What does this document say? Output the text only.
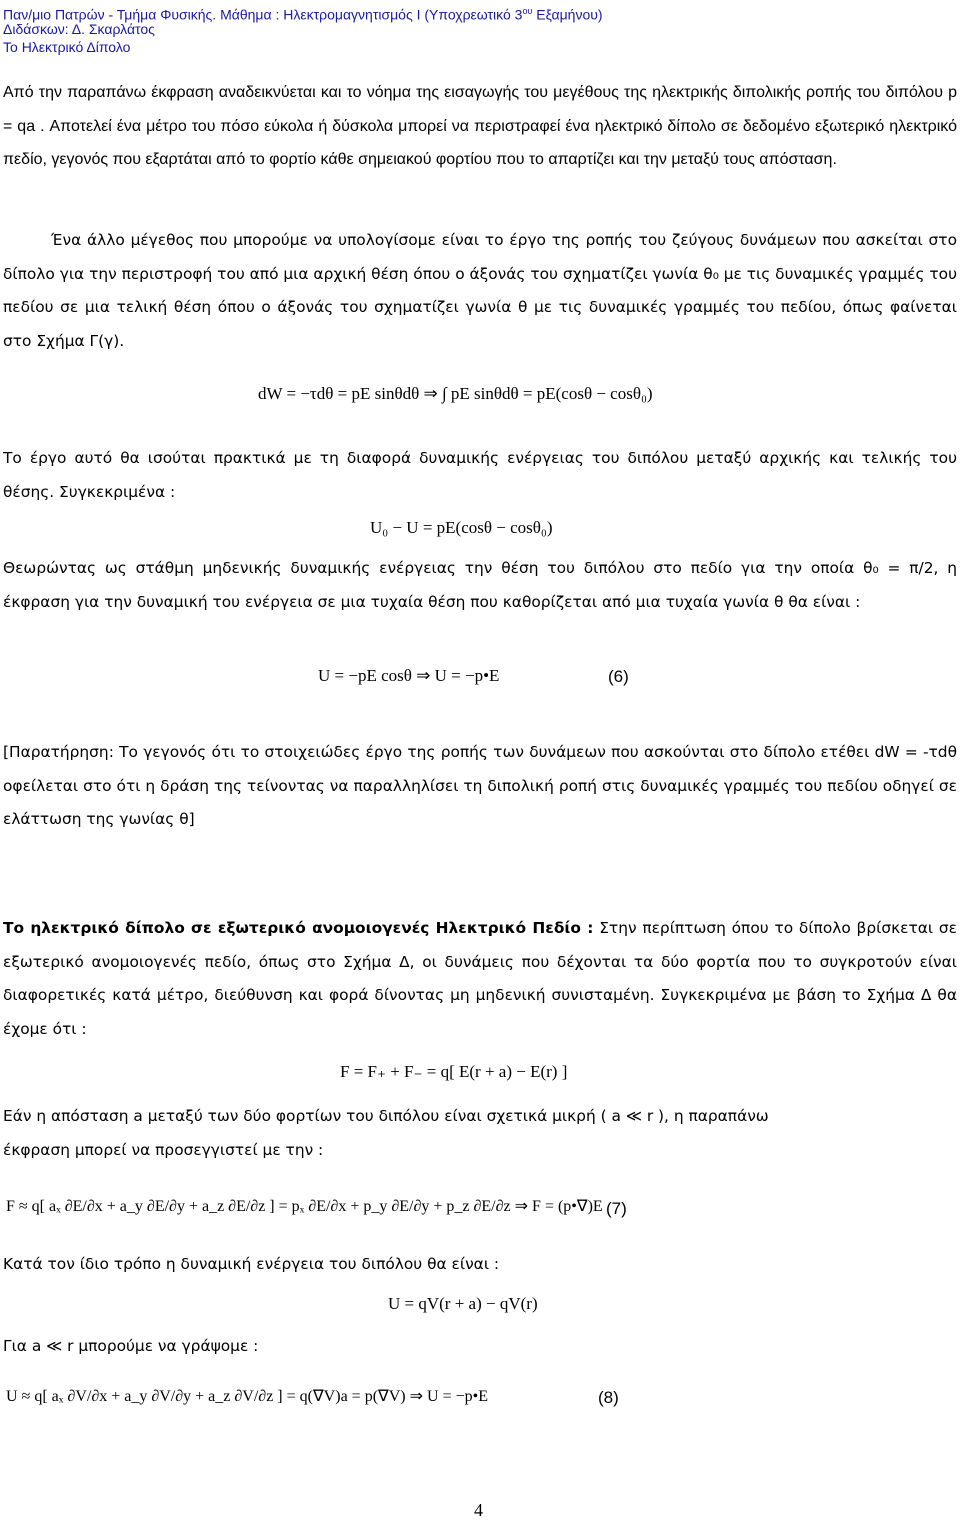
Παν/μιο Πατρών - Τμήμα Φυσικής. Μάθημα : Ηλεκτρομαγνητισμός Ι (Υποχρεωτικό $3^{o\upsilon}$ Εξαμήνου)
Διδάσκων: Δ. Σκαρλάτος
Το Ηλεκτρικό Δίπολο
Από την παραπάνω έκφραση αναδεικνύεται και το νόημα της εισαγωγής του μεγέθους της ηλεκτρικής διπολικής ροπής του διπόλου p = qa . Αποτελεί ένα μέτρο του πόσο εύκολα ή δύσκολα μπορεί να περιστραφεί ένα ηλεκτρικό δίπολο σε δεδομένο εξωτερικό ηλεκτρικό πεδίο, γεγονός που εξαρτάται από το φορτίο κάθε σημειακού φορτίου που το απαρτίζει και την μεταξύ τους απόσταση.
Ένα άλλο μέγεθος που μπορούμε να υπολογίσομε είναι το έργο της ροπής του ζεύγους δυνάμεων που ασκείται στο δίπολο για την περιστροφή του από μια αρχική θέση όπου ο άξονάς του σχηματίζει γωνία θ₀ με τις δυναμικές γραμμές του πεδίου σε μια τελική θέση όπου ο άξονάς του σχηματίζει γωνία θ με τις δυναμικές γραμμές του πεδίου, όπως φαίνεται στο Σχήμα Γ(γ).
dW = −τdθ = pE sinθdθ ⇒ ∫ pE sinθdθ = pE(cosθ − cosθ₀)
Το έργο αυτό θα ισούται πρακτικά με τη διαφορά δυναμικής ενέργειας του διπόλου μεταξύ αρχικής και τελικής του θέσης. Συγκεκριμένα :
U₀ − U = pE(cosθ − cosθ₀)
Θεωρώντας ως στάθμη μηδενικής δυναμικής ενέργειας την θέση του διπόλου στο πεδίο για την οποία θ₀ = π/2, η έκφραση για την δυναμική του ενέργεια σε μια τυχαία θέση που καθορίζεται από μια τυχαία γωνία θ θα είναι :
U = −pE cosθ ⇒ U = −p•E	(6)
[Παρατήρηση: Το γεγονός ότι το στοιχειώδες έργο της ροπής των δυνάμεων που ασκούνται στο δίπολο ετέθει dW = -τdθ οφείλεται στο ότι η δράση της τείνοντας να παραλληλίσει τη διπολική ροπή στις δυναμικές γραμμές του πεδίου οδηγεί σε ελάττωση της γωνίας θ]
Το ηλεκτρικό δίπολο σε εξωτερικό ανομοιογενές Ηλεκτρικό Πεδίο : Στην περίπτωση όπου το δίπολο βρίσκεται σε εξωτερικό ανομοιογενές πεδίο, όπως στο Σχήμα Δ, οι δυνάμεις που δέχονται τα δύο φορτία που το συγκροτούν είναι διαφορετικές κατά μέτρο, διεύθυνση και φορά δίνοντας μη μηδενική συνισταμένη. Συγκεκριμένα με βάση το Σχήμα Δ θα έχομε ότι :
F = F₊ + F₋ = q[ E(r + a) − E(r) ]
Εάν η απόσταση a μεταξύ των δύο φορτίων του διπόλου είναι σχετικά μικρή ( a ≪ r ), η παραπάνω
έκφραση μπορεί να προσεγγιστεί με την :
F ≈ q[ aₓ ∂E/∂x + a_y ∂E/∂y + a_z ∂E/∂z ] = pₓ ∂E/∂x + p_y ∂E/∂y + p_z ∂E/∂z ⇒ F = (p•∇)E (7)
Κατά τον ίδιο τρόπο η δυναμική ενέργεια του διπόλου θα είναι :
U = qV(r + a) − qV(r)
Για a ≪ r μπορούμε να γράψομε :
U ≈ q[ aₓ ∂V/∂x + a_y ∂V/∂y + a_z ∂V/∂z ] = q(∇V)a = p(∇V) ⇒ U = −p•E	(8)
4
